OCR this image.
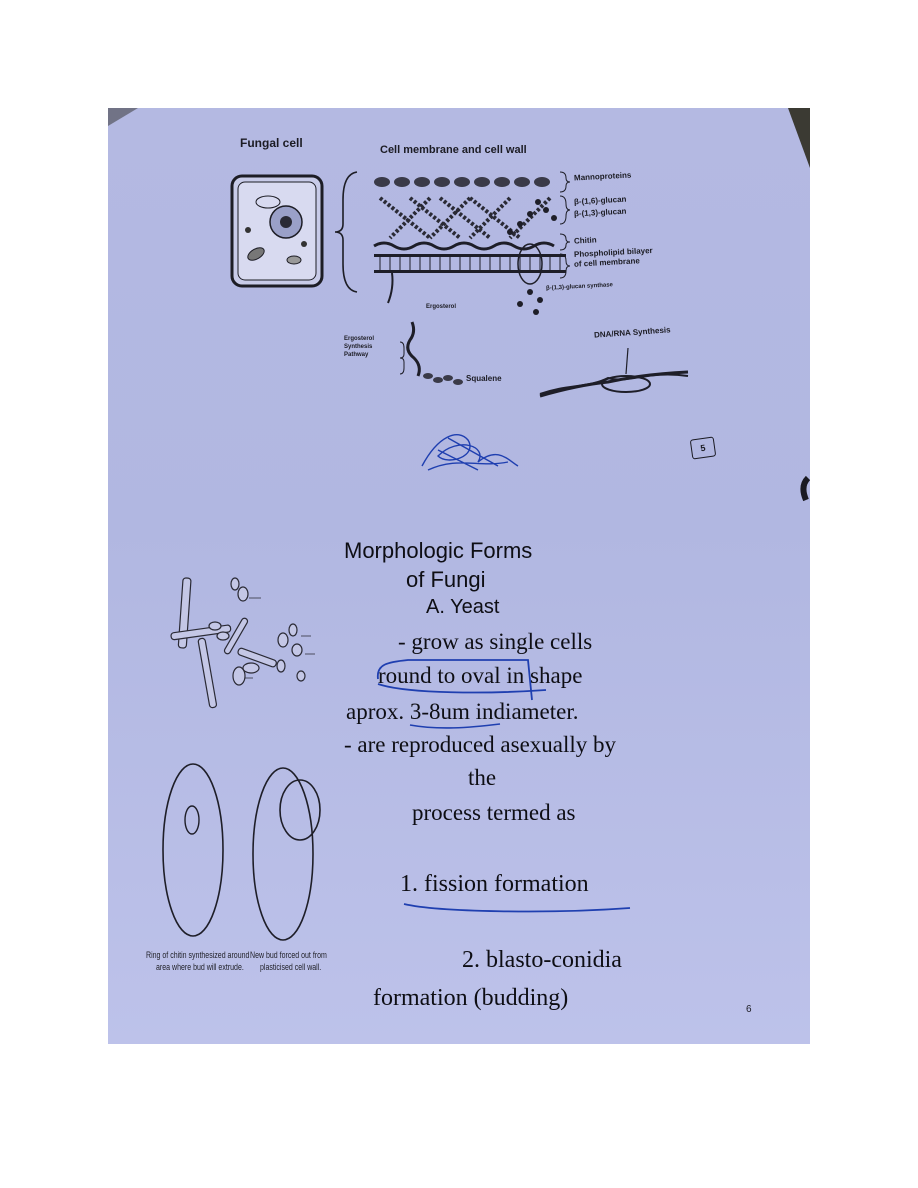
Fungal cell	Cell membrane and cell wall
Mannoproteins
β-(1,6)-glucan
β-(1,3)-glucan
Chitin
Phospholipid bilayer
of cell membrane
β-(1,3)-glucan synthase
Ergosterol
Ergosterol
Synthesis
Pathway
Squalene
DNA/RNA Synthesis
5
Morphologic Forms
of Fungi
A. Yeast
- grow as single cells
round to oval in shape
aprox. 3-8um indiameter.
- are reproduced asexually by
the
process termed as
1. fission formation
2. blasto-conidia
formation (budding)
Ring of chitin synthesized around
area where bud will extrude.
New bud forced out from
plasticised cell wall.
6
